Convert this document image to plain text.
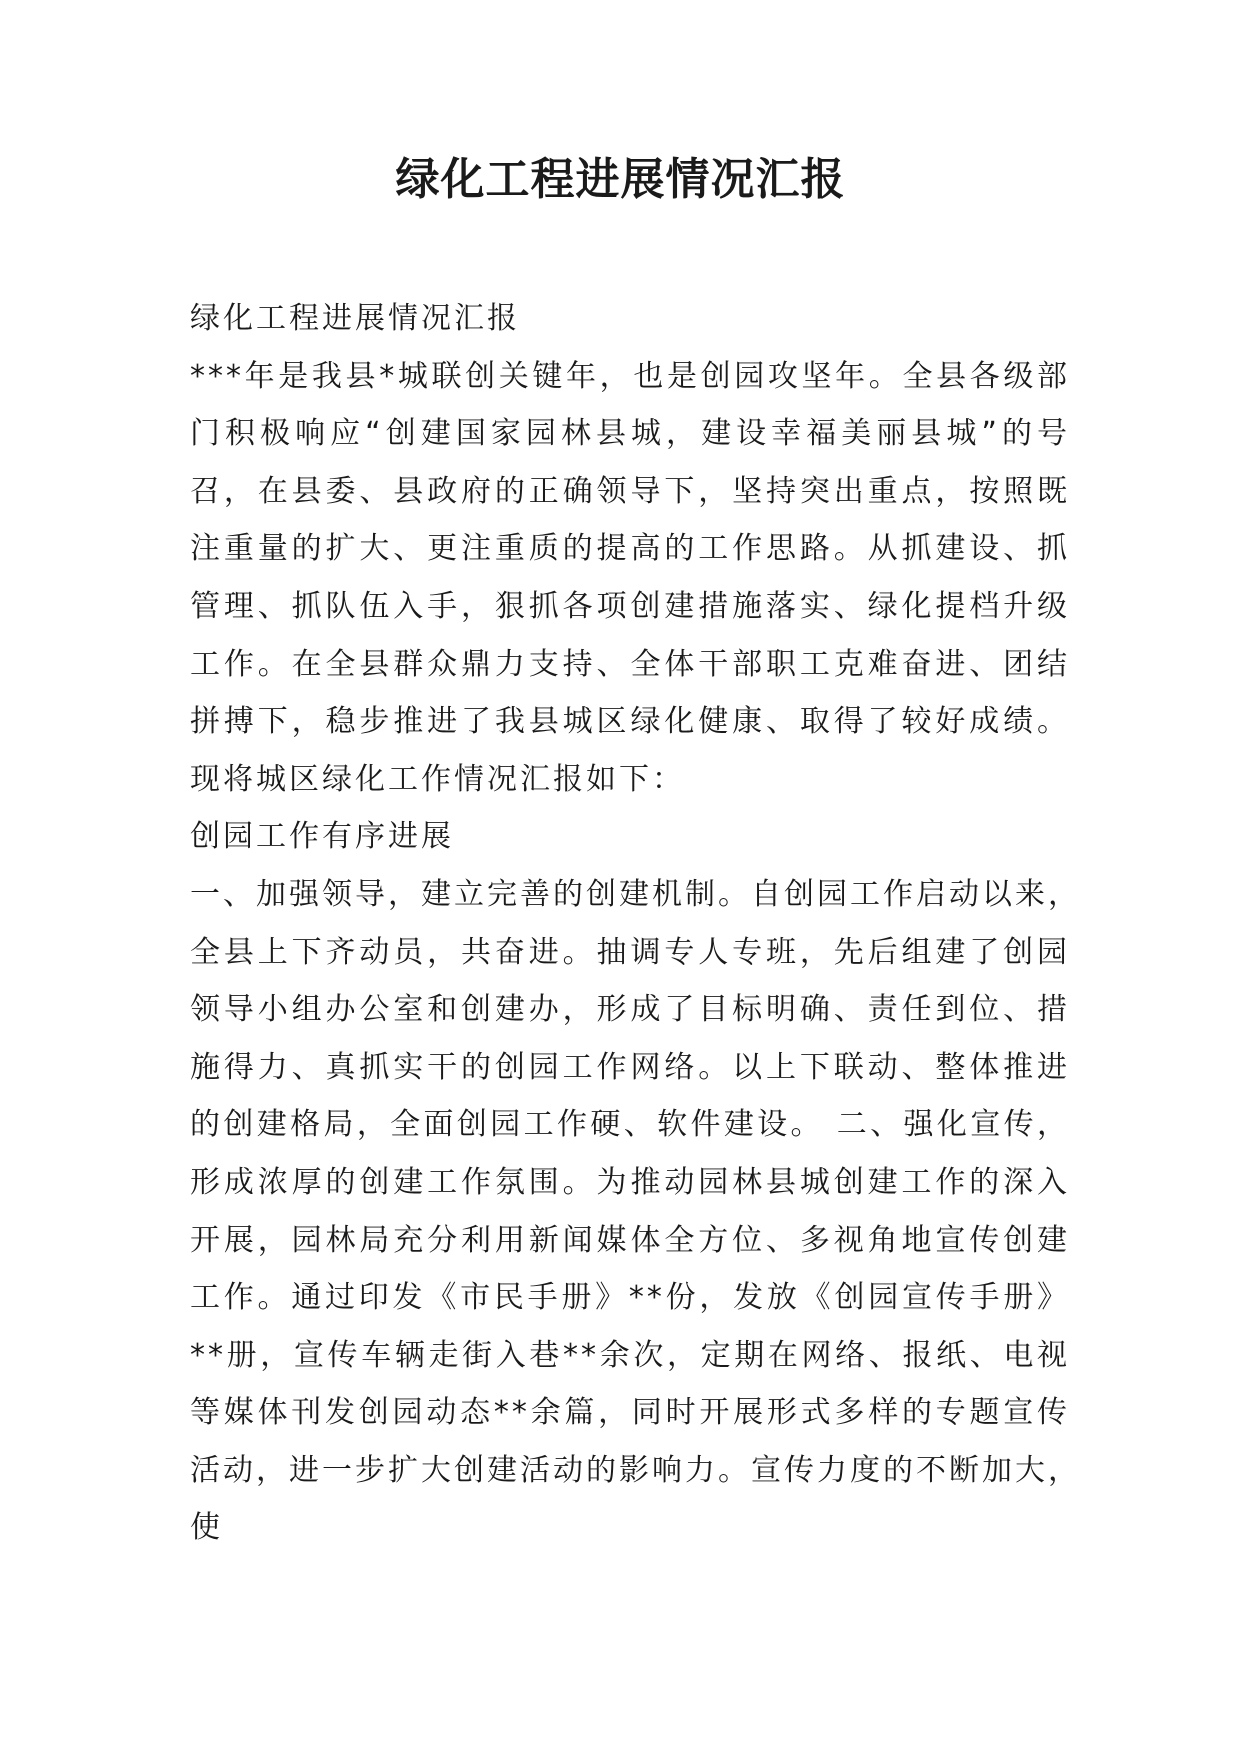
绿化工程进展情况汇报
绿化工程进展情况汇报
***年是我县*城联创关键年，也是创园攻坚年。全县各级部
门积极响应“创建国家园林县城，建设幸福美丽县城”的号
召，在县委、县政府的正确领导下，坚持突出重点，按照既
注重量的扩大、更注重质的提高的工作思路。从抓建设、抓
管理、抓队伍入手，狠抓各项创建措施落实、绿化提档升级
工作。在全县群众鼎力支持、全体干部职工克难奋进、团结
拼搏下，稳步推进了我县城区绿化健康、取得了较好成绩。
现将城区绿化工作情况汇报如下：
创园工作有序进展
一、加强领导，建立完善的创建机制。自创园工作启动以来，
全县上下齐动员，共奋进。抽调专人专班，先后组建了创园
领导小组办公室和创建办，形成了目标明确、责任到位、措
施得力、真抓实干的创园工作网络。以上下联动、整体推进
的创建格局，全面创园工作硬、软件建设。 二、强化宣传，
形成浓厚的创建工作氛围。为推动园林县城创建工作的深入
开展，园林局充分利用新闻媒体全方位、多视角地宣传创建
工作。通过印发《市民手册》**份，发放《创园宣传手册》
**册，宣传车辆走街入巷**余次，定期在网络、报纸、电视
等媒体刊发创园动态**余篇，同时开展形式多样的专题宣传
活动，进一步扩大创建活动的影响力。宣传力度的不断加大，
使
